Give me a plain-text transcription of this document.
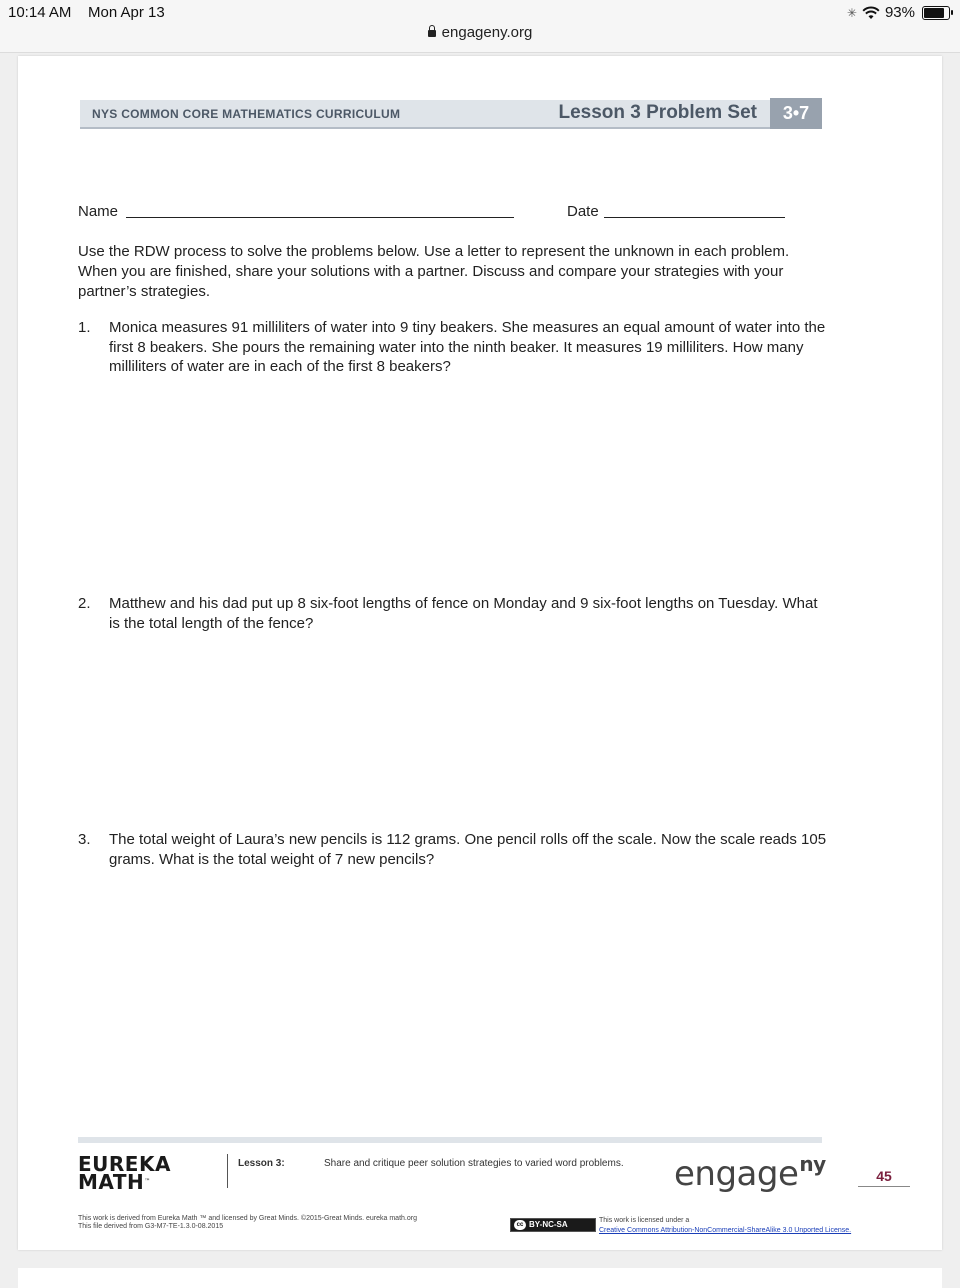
10:14 AM Mon Apr 13	✳ 93%
engageny.org
NYS COMMON CORE MATHEMATICS CURRICULUM	Lesson 3 Problem Set	3•7
Name	Date
Use the RDW process to solve the problems below. Use a letter to represent the unknown in each problem. When you are finished, share your solutions with a partner. Discuss and compare your strategies with your partner’s strategies.
1.	Monica measures 91 milliliters of water into 9 tiny beakers. She measures an equal amount of water into the first 8 beakers. She pours the remaining water into the ninth beaker. It measures 19 milliliters. How many milliliters of water are in each of the first 8 beakers?
2.	Matthew and his dad put up 8 six-foot lengths of fence on Monday and 9 six-foot lengths on Tuesday. What is the total length of the fence?
3.	The total weight of Laura’s new pencils is 112 grams. One pencil rolls off the scale. Now the scale reads 105 grams. What is the total weight of 7 new pencils?
EUREKA
MATH™
Lesson 3:	Share and critique peer solution strategies to varied word problems. engage$^{ny}$	45
This work is derived from Eureka Math ™ and licensed by Great Minds. ©2015-Great Minds. eureka math.org
This file derived from G3-M7-TE-1.3.0-08.2015	cc BY-NC-SA	This work is licensed under a
Creative Commons Attribution-NonCommercial-ShareAlike 3.0 Unported License.
